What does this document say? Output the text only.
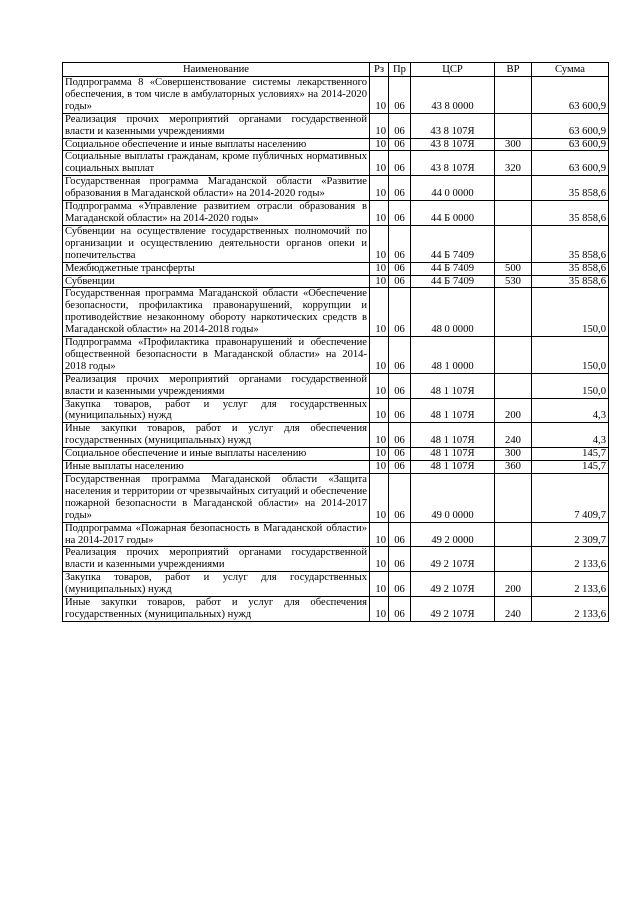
Наименование	Рз	Пр	ЦСР	ВР	Сумма
Подпрограмма 8 «Совершенствование системы лекарственного обеспечения, в том числе в амбулаторных условиях» на 2014-2020 годы»	10	06	43 8 0000		63 600,9
Реализация прочих мероприятий органами государственной власти и казенными учреждениями	10	06	43 8 107Я		63 600,9
Социальное обеспечение и иные выплаты населению	10	06	43 8 107Я	300	63 600,9
Социальные выплаты гражданам, кроме публичных нормативных социальных выплат	10	06	43 8 107Я	320	63 600,9
Государственная программа Магаданской области «Развитие образования в Магаданской области» на 2014-2020 годы»	10	06	44 0 0000		35 858,6
Подпрограмма «Управление развитием отрасли образования в Магаданской области» на 2014-2020 годы»	10	06	44 Б 0000		35 858,6
Субвенции на осуществление государственных полномочий по организации и осуществлению деятельности органов опеки и попечительства	10	06	44 Б 7409		35 858,6
Межбюджетные трансферты	10	06	44 Б 7409	500	35 858,6
Субвенции	10	06	44 Б 7409	530	35 858,6
Государственная программа Магаданской области «Обеспечение безопасности, профилактика правонарушений, коррупции и противодействие незаконному обороту наркотических средств в Магаданской области» на 2014-2018 годы»	10	06	48 0 0000		150,0
Подпрограмма «Профилактика правонарушений и обеспечение общественной безопасности в Магаданской области» на 2014-2018 годы»	10	06	48 1 0000		150,0
Реализация прочих мероприятий органами государственной власти и казенными учреждениями	10	06	48 1 107Я		150,0
Закупка товаров, работ и услуг для государственных (муниципальных) нужд	10	06	48 1 107Я	200	4,3
Иные закупки товаров, работ и услуг для обеспечения государственных (муниципальных) нужд	10	06	48 1 107Я	240	4,3
Социальное обеспечение и иные выплаты населению	10	06	48 1 107Я	300	145,7
Иные выплаты населению	10	06	48 1 107Я	360	145,7
Государственная программа Магаданской области «Защита населения и территории от чрезвычайных ситуаций и обеспечение пожарной безопасности в Магаданской области» на 2014-2017 годы»	10	06	49 0 0000		7 409,7
Подпрограмма «Пожарная безопасность в Магаданской области» на 2014-2017 годы»	10	06	49 2 0000		2 309,7
Реализация прочих мероприятий органами государственной власти и казенными учреждениями	10	06	49 2 107Я		2 133,6
Закупка товаров, работ и услуг для государственных (муниципальных) нужд	10	06	49 2 107Я	200	2 133,6
Иные закупки товаров, работ и услуг для обеспечения государственных (муниципальных) нужд	10	06	49 2 107Я	240	2 133,6
